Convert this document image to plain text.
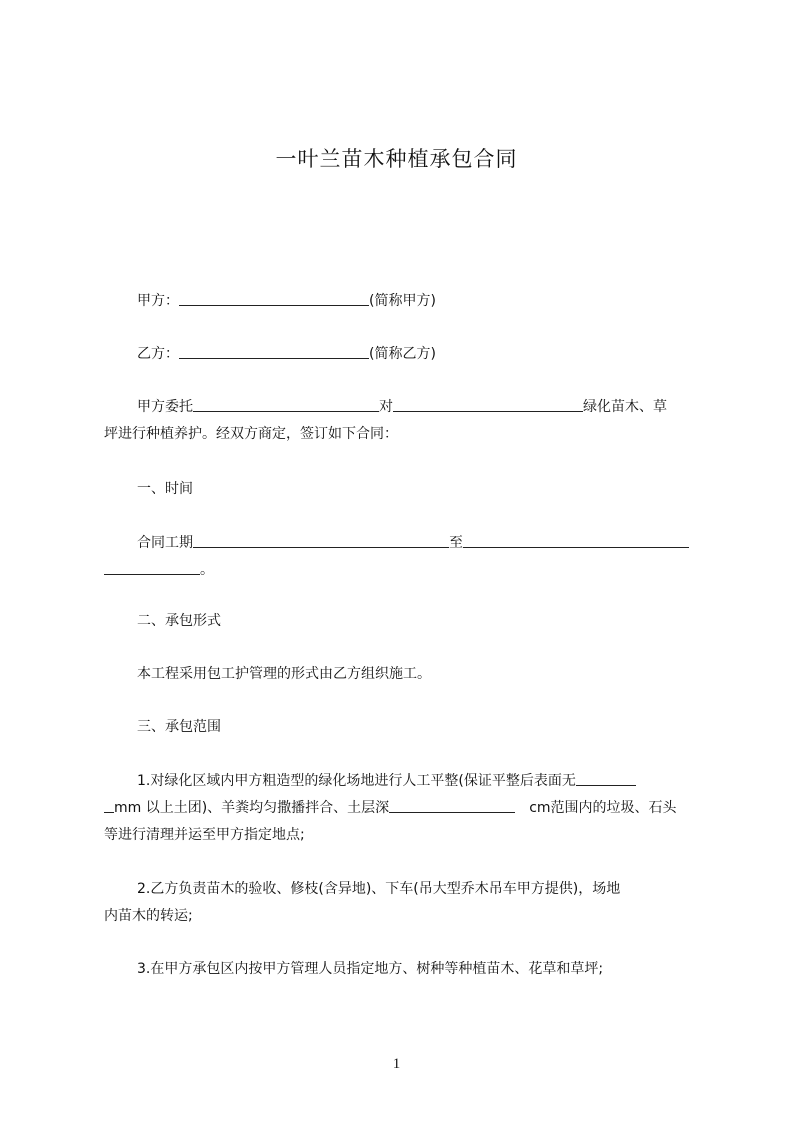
一叶兰苗木种植承包合同
甲方：	(简称甲方)
乙方：	(简称乙方)
甲方委托	对	绿化苗木、草
坪进行种植养护。经双方商定，签订如下合同：
一、时间
合同工期	至
。
二、承包形式
本工程采用包工护管理的形式由乙方组织施工。
三、承包范围
1.对绿化区域内甲方粗造型的绿化场地进行人工平整(保证平整后表面无
mm 以上土团)、羊粪均匀撒播拌合、土层深	cm范围内的垃圾、石头
等进行清理并运至甲方指定地点;
2.乙方负责苗木的验收、修枝(含异地)、下车(吊大型乔木吊车甲方提供)，场地
内苗木的转运;
3.在甲方承包区内按甲方管理人员指定地方、树种等种植苗木、花草和草坪;
1
